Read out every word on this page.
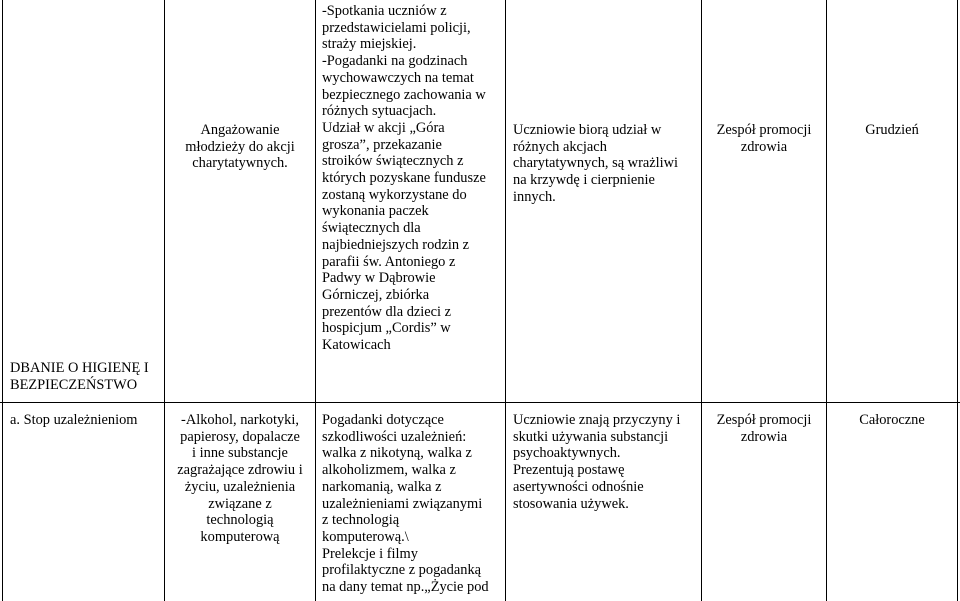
DBANIE O HIGIENĘ I
BEZPIECZEŃSTWO
Angażowanie
młodzieży do akcji
charytatywnych.
-Spotkania uczniów z
przedstawicielami policji,
straży miejskiej.
-Pogadanki na godzinach
wychowawczych na temat
bezpiecznego zachowania w
różnych sytuacjach.
Udział w akcji „Góra
grosza”, przekazanie
stroików świątecznych z
których pozyskane fundusze
zostaną wykorzystane do
wykonania paczek
świątecznych dla
najbiedniejszych rodzin z
parafii św. Antoniego z
Padwy w Dąbrowie
Górniczej, zbiórka
prezentów dla dzieci z
hospicjum „Cordis” w
Katowicach
Uczniowie biorą udział w
różnych akcjach
charytatywnych, są wrażliwi
na krzywdę i cierpnienie
innych.
Zespół promocji
zdrowia
Grudzień
a. Stop uzależnieniom	-Alkohol, narkotyki,
papierosy, dopalacze
i inne substancje
zagrażające zdrowiu i
życiu, uzależnienia
związane z
technologią
komputerową
Pogadanki dotyczące
szkodliwości uzależnień:
walka z nikotyną, walka z
alkoholizmem, walka z
narkomanią, walka z
uzależnieniami związanymi
z technologią
komputerową.\
Prelekcje i filmy
profilaktyczne z pogadanką
na dany temat np.„Życie pod
Uczniowie znają przyczyny i
skutki używania substancji
psychoaktywnych.
Prezentują postawę
asertywności odnośnie
stosowania używek.
Zespół promocji
zdrowia
Całoroczne
